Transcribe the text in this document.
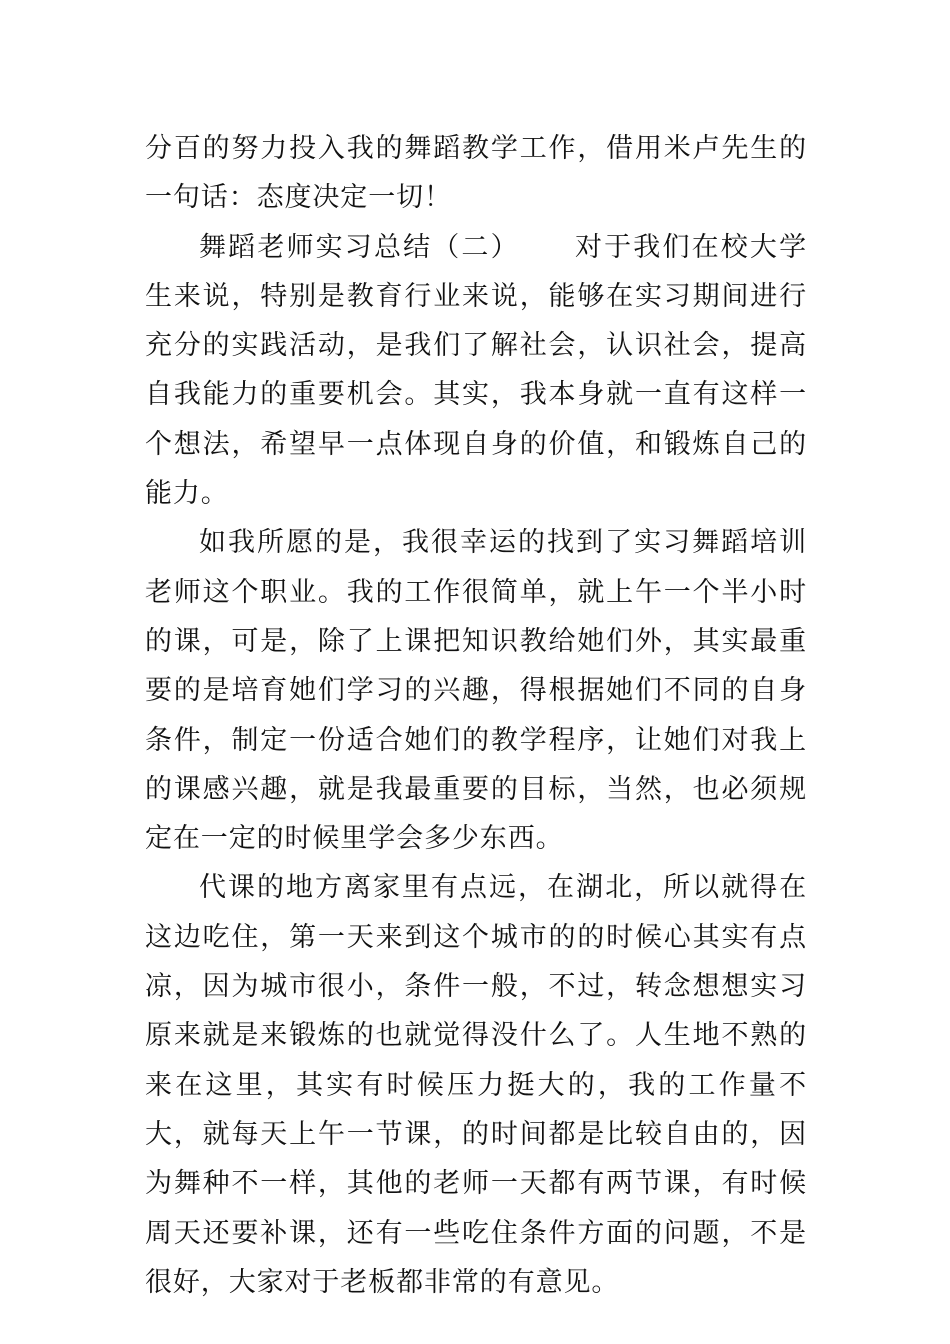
分百的努力投入我的舞蹈教学工作，借用米卢先生的一句话：态度决定一切！

舞蹈老师实习总结（二） 对于我们在校大学生来说，特别是教育行业来说，能够在实习期间进行充分的实践活动，是我们了解社会，认识社会，提高自我能力的重要机会。其实，我本身就一直有这样一个想法，希望早一点体现自身的价值，和锻炼自己的能力。

如我所愿的是，我很幸运的找到了实习舞蹈培训老师这个职业。我的工作很简单，就上午一个半小时的课，可是，除了上课把知识教给她们外，其实最重要的是培育她们学习的兴趣，得根据她们不同的自身条件，制定一份适合她们的教学程序，让她们对我上的课感兴趣，就是我最重要的目标，当然，也必须规定在一定的时候里学会多少东西。

代课的地方离家里有点远，在湖北，所以就得在这边吃住，第一天来到这个城市的的时候心其实有点凉，因为城市很小，条件一般，不过，转念想想实习原来就是来锻炼的也就觉得没什么了。人生地不熟的来在这里，其实有时候压力挺大的，我的工作量不大，就每天上午一节课，的时间都是比较自由的，因为舞种不一样，其他的老师一天都有两节课，有时候周天还要补课，还有一些吃住条件方面的问题，不是很好，大家对于老板都非常的有意见。
